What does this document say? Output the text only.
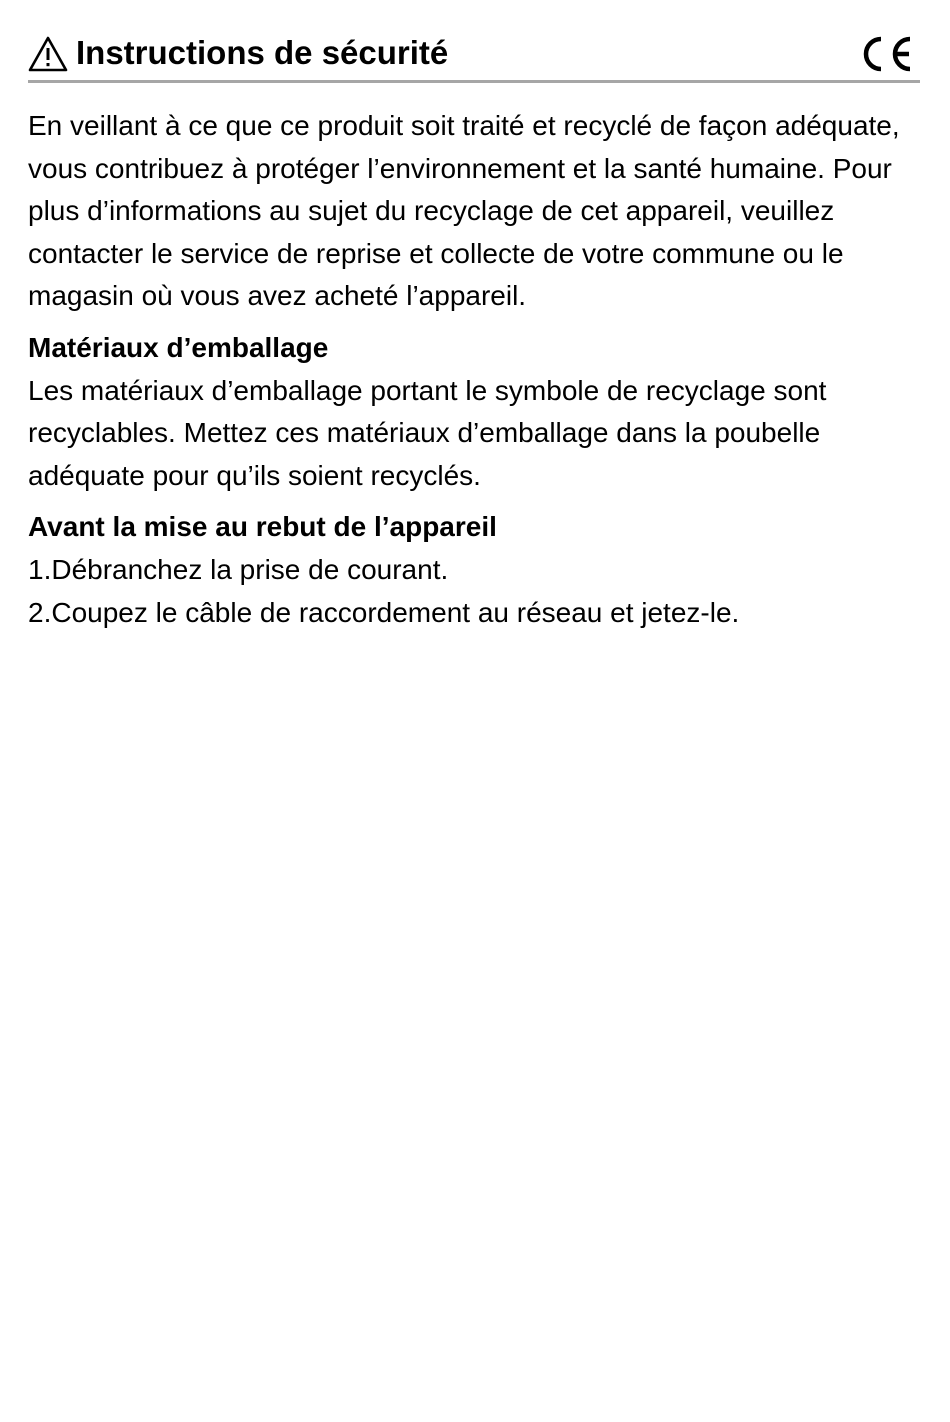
Instructions de sécurité

En veillant à ce que ce produit soit traité et recyclé de façon adéquate, vous contribuez à protéger l’environnement et la santé humaine. Pour plus d’informations au sujet du recyclage de cet appareil, veuillez contacter le service de reprise et collecte de votre commune ou le magasin où vous avez acheté l’appareil.

Matériaux d’emballage

Les matériaux d’emballage portant le symbole de recyclage sont recyclables. Mettez ces matériaux d’emballage dans la poubelle adéquate pour qu’ils soient recyclés.

Avant la mise au rebut de l’appareil

1.Débranchez la prise de courant.

2.Coupez le câble de raccordement au réseau et jetez-le.
